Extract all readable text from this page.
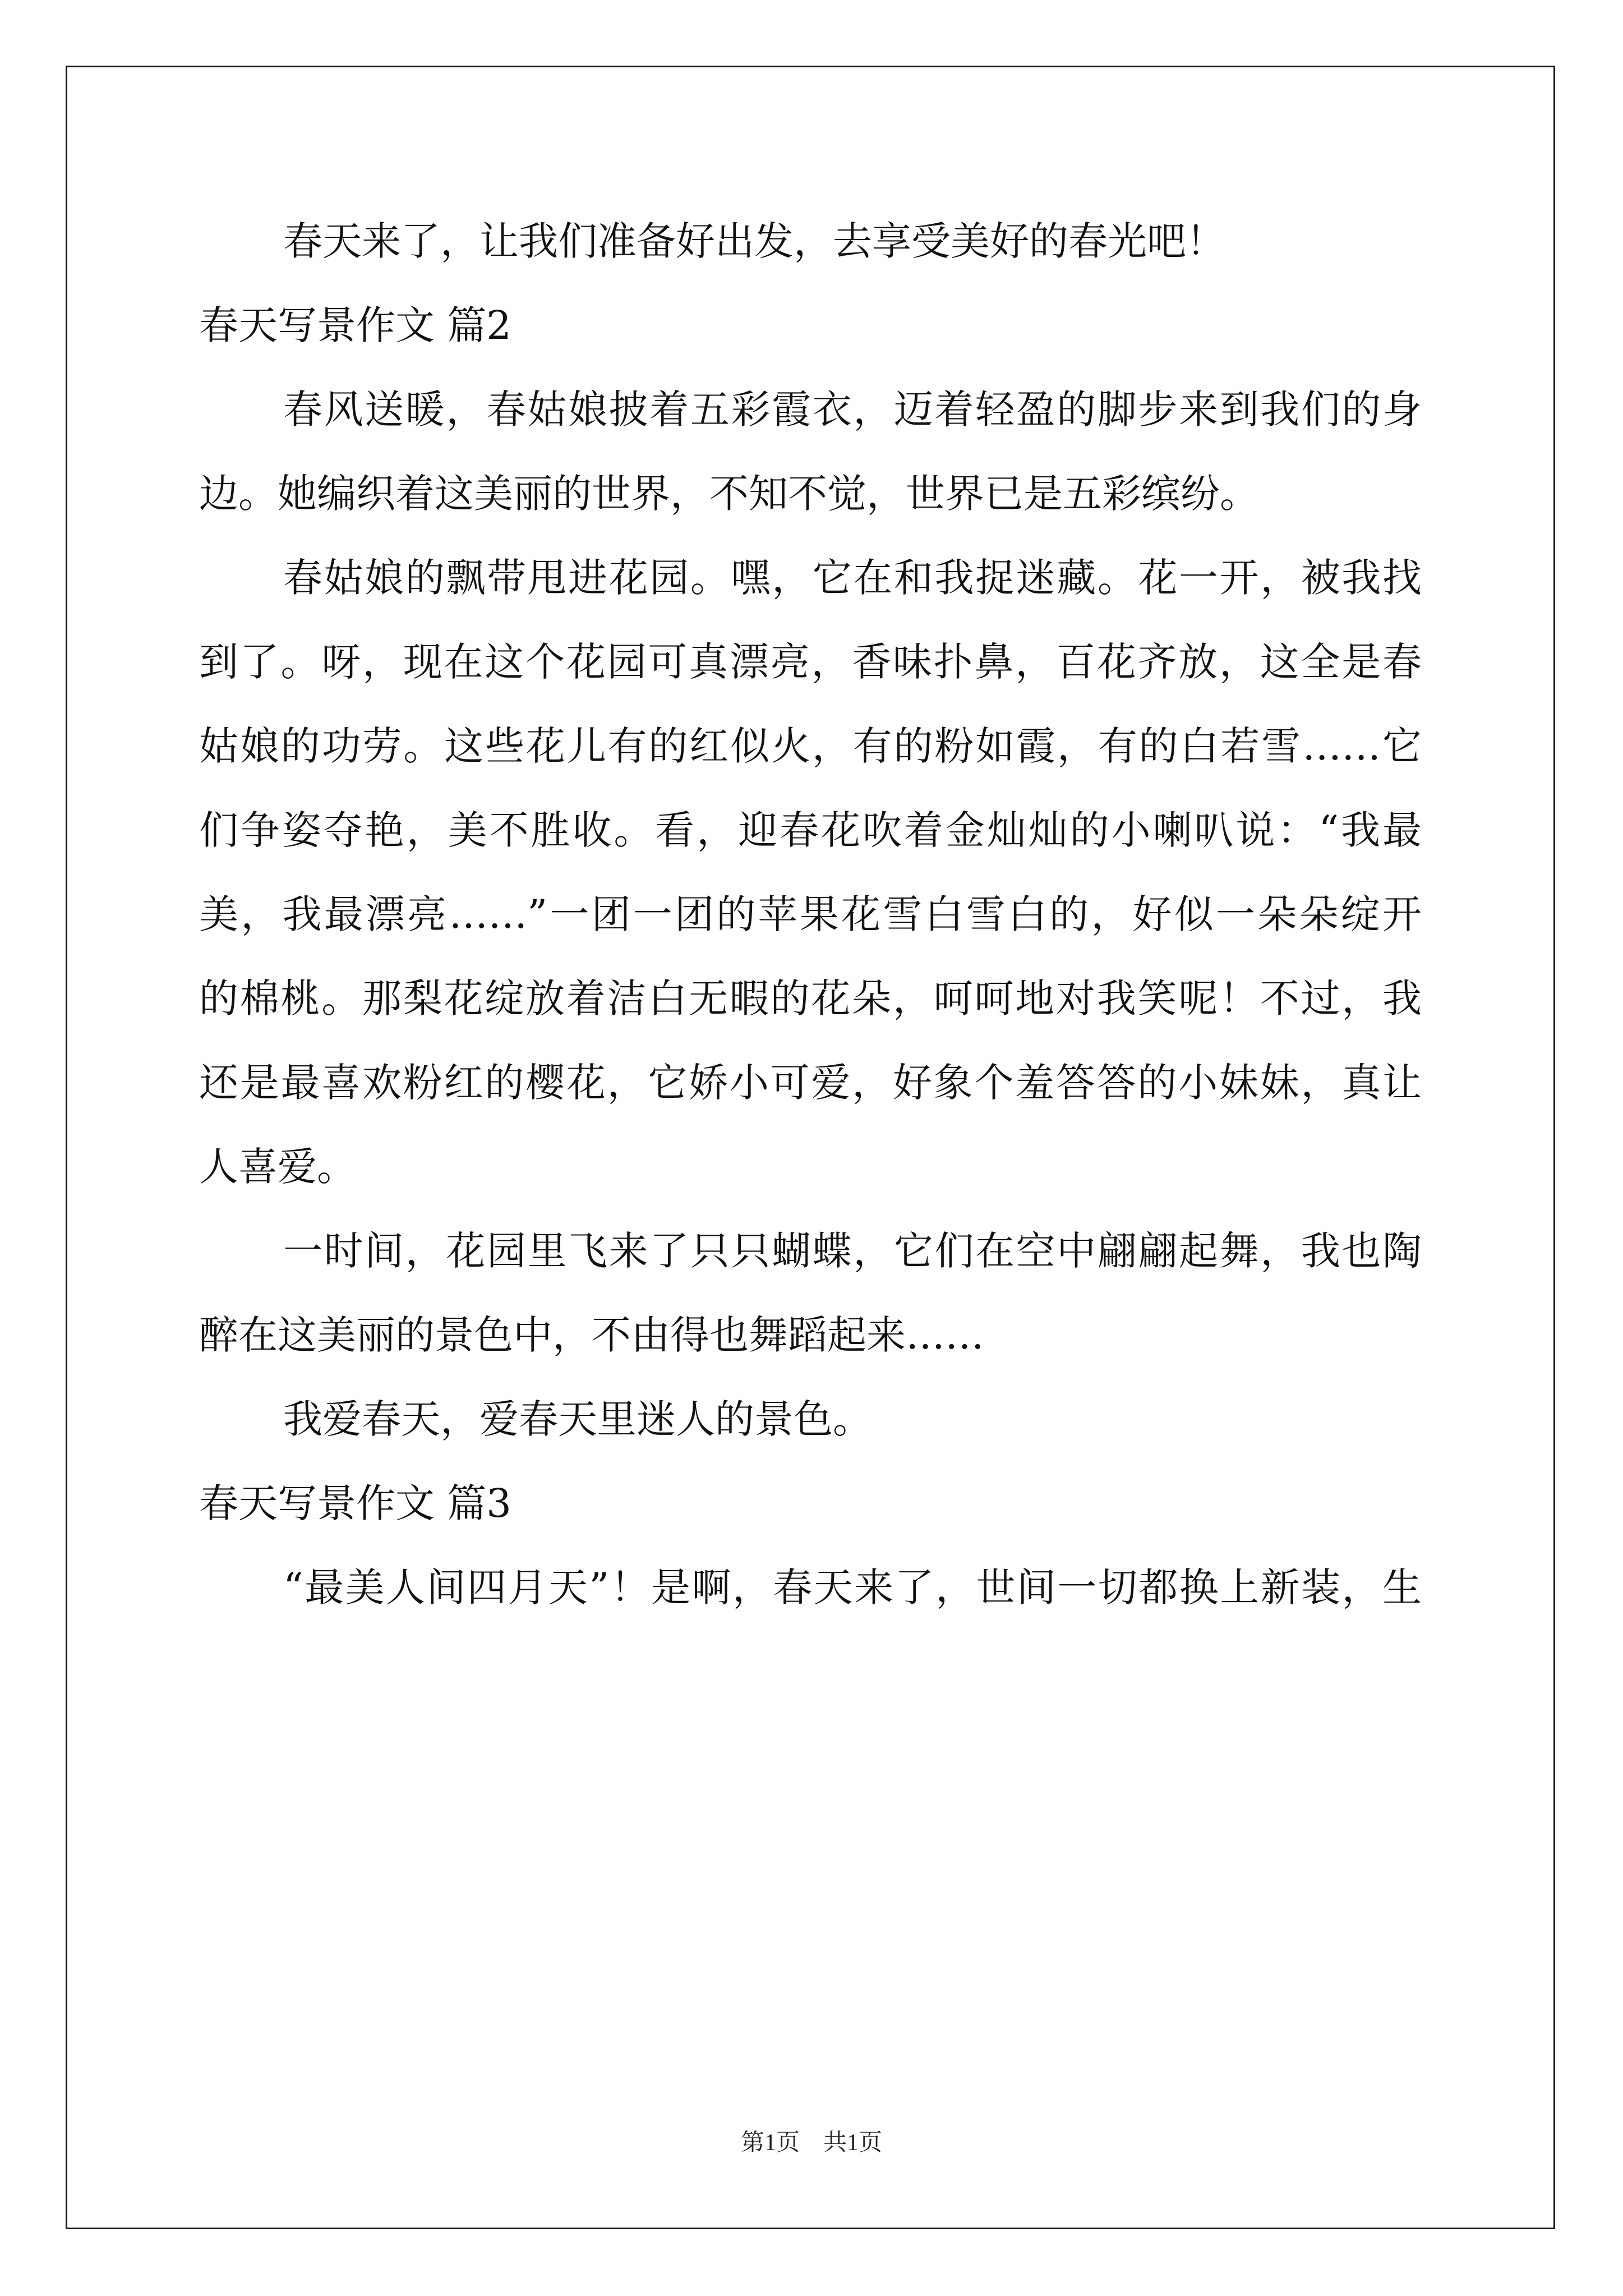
春天来了，让我们准备好出发，去享受美好的春光吧！
春天写景作文 篇2
春风送暖，春姑娘披着五彩霞衣，迈着轻盈的脚步来到我们的身
边。她编织着这美丽的世界，不知不觉，世界已是五彩缤纷。
春姑娘的飘带甩进花园。嘿，它在和我捉迷藏。花一开，被我找
到了。呀，现在这个花园可真漂亮，香味扑鼻，百花齐放，这全是春
姑娘的功劳。这些花儿有的红似火，有的粉如霞，有的白若雪……它
们争姿夺艳，美不胜收。看，迎春花吹着金灿灿的小喇叭说：“我最
美，我最漂亮……”一团一团的苹果花雪白雪白的，好似一朵朵绽开
的棉桃。那梨花绽放着洁白无暇的花朵，呵呵地对我笑呢！不过，我
还是最喜欢粉红的樱花，它娇小可爱，好象个羞答答的小妹妹，真让
人喜爱。
一时间，花园里飞来了只只蝴蝶，它们在空中翩翩起舞，我也陶
醉在这美丽的景色中，不由得也舞蹈起来……
我爱春天，爱春天里迷人的景色。
春天写景作文 篇3
“最美人间四月天”！是啊，春天来了，世间一切都换上新装，生
第1页　共1页
